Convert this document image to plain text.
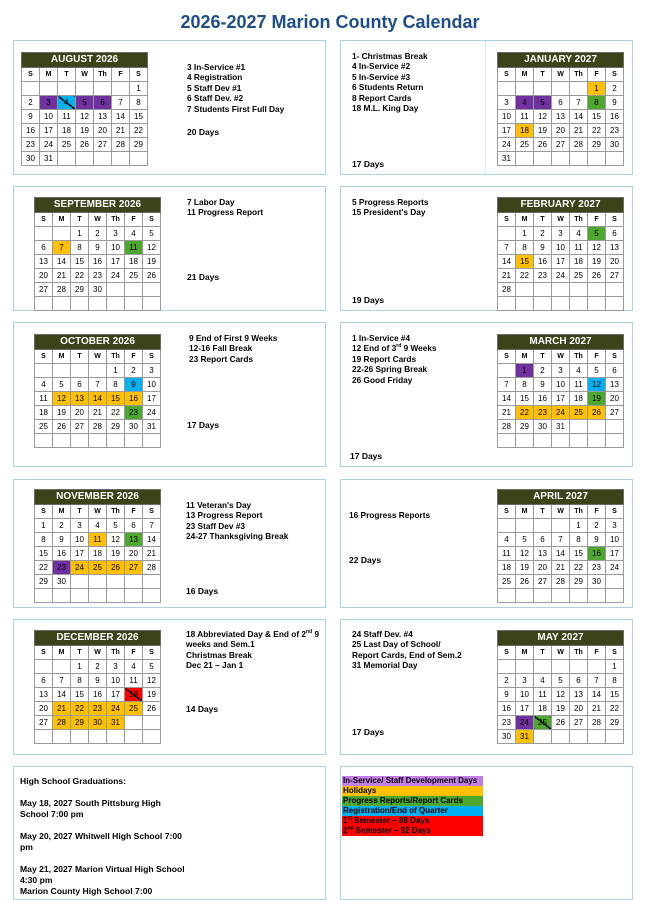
2026-2027 Marion County Calendar
AUGUST 2026						
S	M	T	W	Th	F	S
						1
2	3	4	5	6	7	8
9	10	11	12	13	14	15
16	17	18	19	20	21	22
23	24	25	26	27	28	29
30	31					
JANUARY 2027						
S	M	T	W	Th	F	S
					1	2
3	4	5	6	7	8	9
10	11	12	13	14	15	16
17	18	19	20	21	22	23
24	25	26	27	28	29	30
31						
SEPTEMBER 2026						
S	M	T	W	Th	F	S
		1	2	3	4	5
6	7	8	9	10	11	12
13	14	15	16	17	18	19
20	21	22	23	24	25	26
27	28	29	30			

FEBRUARY 2027						
S	M	T	W	Th	F	S
	1	2	3	4	5	6
7	8	9	10	11	12	13
14	15	16	17	18	19	20
21	22	23	24	25	26	27
28						

OCTOBER 2026						
S	M	T	W	Th	F	S
				1	2	3
4	5	6	7	8	9	10
11	12	13	14	15	16	17
18	19	20	21	22	23	24
25	26	27	28	29	30	31

MARCH 2027						
S	M	T	W	Th	F	S
	1	2	3	4	5	6
7	8	9	10	11	12	13
14	15	16	17	18	19	20
21	22	23	24	25	26	27
28	29	30	31			

NOVEMBER 2026						
S	M	T	W	Th	F	S
1	2	3	4	5	6	7
8	9	10	11	12	13	14
15	16	17	18	19	20	21
22	23	24	25	26	27	28
29	30					

APRIL 2027						
S	M	T	W	Th	F	S
				1	2	3
4	5	6	7	8	9	10
11	12	13	14	15	16	17
18	19	20	21	22	23	24
25	26	27	28	29	30	

DECEMBER 2026						
S	M	T	W	Th	F	S
		1	2	3	4	5
6	7	8	9	10	11	12
13	14	15	16	17	18	19
20	21	22	23	24	25	26
27	28	29	30	31		

MAY 2027						
S	M	T	W	Th	F	S
						1
2	3	4	5	6	7	8
9	10	11	12	13	14	15
16	17	18	19	20	21	22
23	24	25	26	27	28	29
30	31					
3 In-Service #1
4 Registration
5 Staff Dev #1
6 Staff Dev. #2
7 Students First Full Day
20 Days
1- Christmas Break
4 In-Service #2
5 In-Service #3
6 Students Return
8 Report Cards
18 M.L. King Day
17 Days
7 Labor Day
11 Progress Report
21 Days
5 Progress Reports
15 President's Day
19 Days
9 End of First 9 Weeks
12-16 Fall Break
23 Report Cards
17 Days
1 In-Service #4
12 End of 3rd 9 Weeks
19 Report Cards
22-26 Spring Break
26 Good Friday
17 Days
11 Veteran's Day
13 Progress Report
23 Staff Dev #3
24-27 Thanksgiving Break
16 Days
16 Progress Reports
22 Days
18 Abbreviated Day & End of 2nd 9 weeks and Sem.1
Christmas Break
Dec 21 – Jan 1
14 Days
24 Staff Dev. #4
25 Last Day of School/
Report Cards, End of Sem.2
31 Memorial Day
17 Days

High School Graduations:

May 18, 2027 South Pittsburg High School 7:00 pm

May 20, 2027 Whitwell High School 7:00 pm

May 21, 2027 Marion Virtual High School 4:30 pm

Marion County High School 7:00

In-Service/ Staff Development Days
Holidays
Progress Reports/Report Cards
Registration/End of Quarter
1st Semester – 88 Days
2nd Semester – 92 Days
